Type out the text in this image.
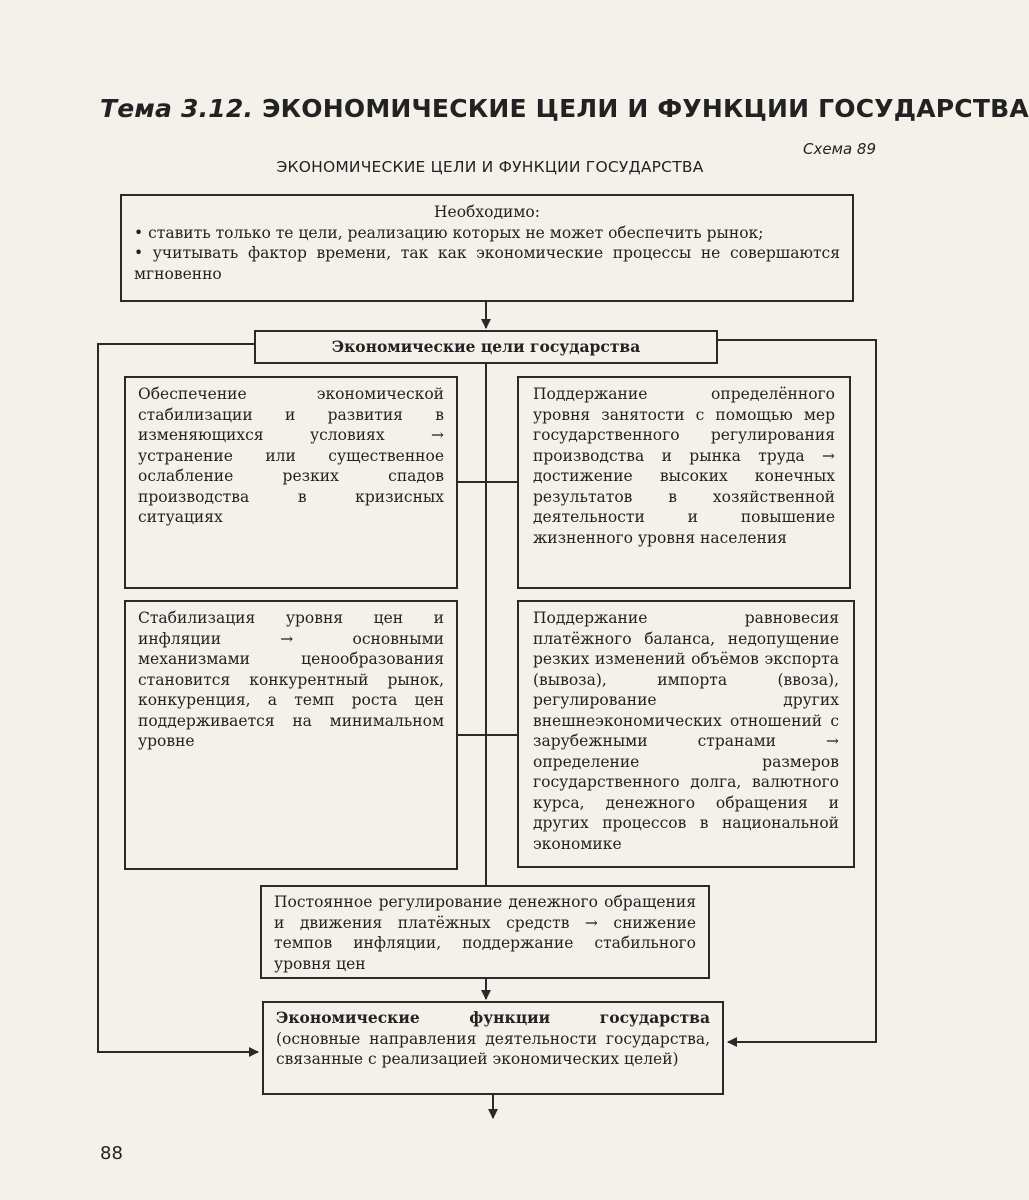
Тема 3.12. ЭКОНОМИЧЕСКИЕ ЦЕЛИ И ФУНКЦИИ ГОСУДАРСТВА
Схема 89
ЭКОНОМИЧЕСКИЕ ЦЕЛИ И ФУНКЦИИ ГОСУДАРСТВА

Необходимо:

• ставить только те цели, реализацию которых не может обеспечить рынок;

• учитывать фактор времени, так как экономические процессы не совершаются мгновенно

Экономические цели государства
Обеспечение экономической стабилизации и развития в изменяющихся условиях → устранение или существенное ослабление резких спадов производства в кризисных ситуациях
Поддержание определённого уровня занятости с помощью мер государственного регулирования производства и рынка труда → достижение высоких конечных результатов в хозяйственной деятельности и повышение жизненного уровня населения
Стабилизация уровня цен и инфляции → основными механизмами ценообразования становится конкурентный рынок, конкуренция, а темп роста цен поддерживается на минимальном уровне
Поддержание равновесия платёжного баланса, недопущение резких изменений объёмов экспорта (вывоза), импорта (ввоза), регулирование других внешнеэкономических отношений с зарубежными странами → определение размеров государственного долга, валютного курса, денежного обращения и других процессов в национальной экономике
Постоянное регулирование денежного обращения и движения платёжных средств → снижение темпов инфляции, поддержание стабильного уровня цен
Экономические функции государства (основные направления деятельности государства, связанные с реализацией экономических целей)
88
